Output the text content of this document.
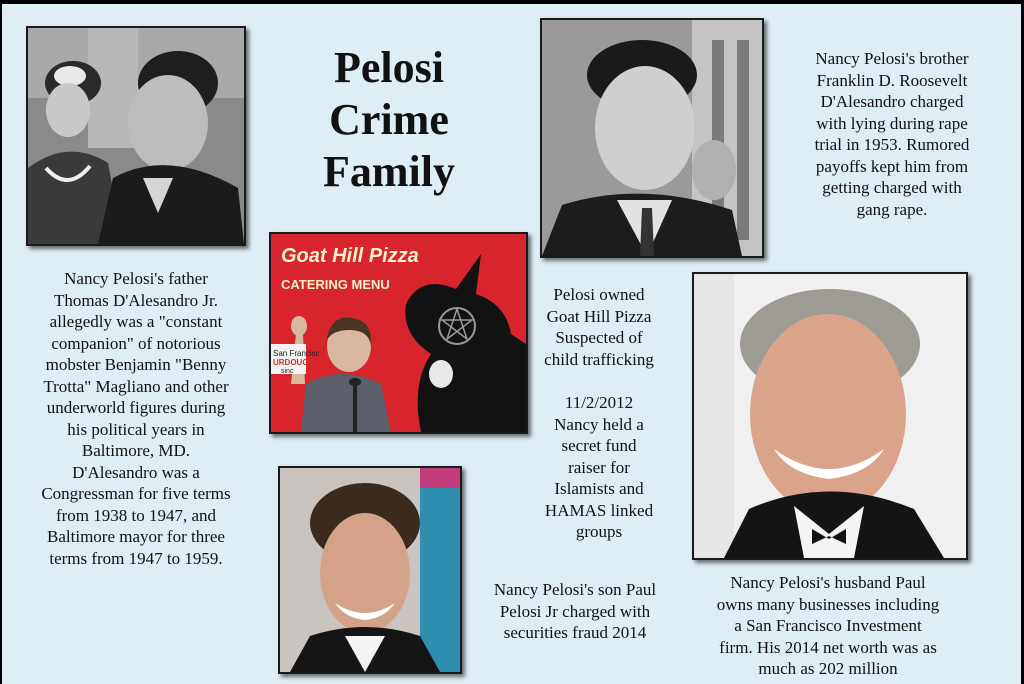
Pelosi
Crime
Family
Nancy Pelosi's brother
Franklin D. Roosevelt
D'Alesandro charged
with lying during rape
trial in 1953. Rumored
payoffs kept him from
getting charged with
gang rape.
Goat Hill Pizza
CATERING MENU
San Francisc
URDOUGH
sinc
Pelosi owned
Goat Hill Pizza
Suspected of
child trafficking
11/2/2012
Nancy held a
secret fund
raiser for
Islamists and
HAMAS linked
groups
Nancy Pelosi's father
Thomas D'Alesandro Jr.
allegedly was a "constant
companion" of notorious
mobster Benjamin "Benny
Trotta" Magliano and other
underworld figures during
his political years in
Baltimore, MD.
D'Alesandro was a
Congressman for five terms
from 1938 to 1947, and
Baltimore mayor for three
terms from 1947 to 1959.
Nancy Pelosi's son Paul
Pelosi Jr charged with
securities fraud 2014
Nancy Pelosi's husband Paul
owns many businesses including
a San Francisco Investment
firm. His 2014 net worth was as
much as 202 million
